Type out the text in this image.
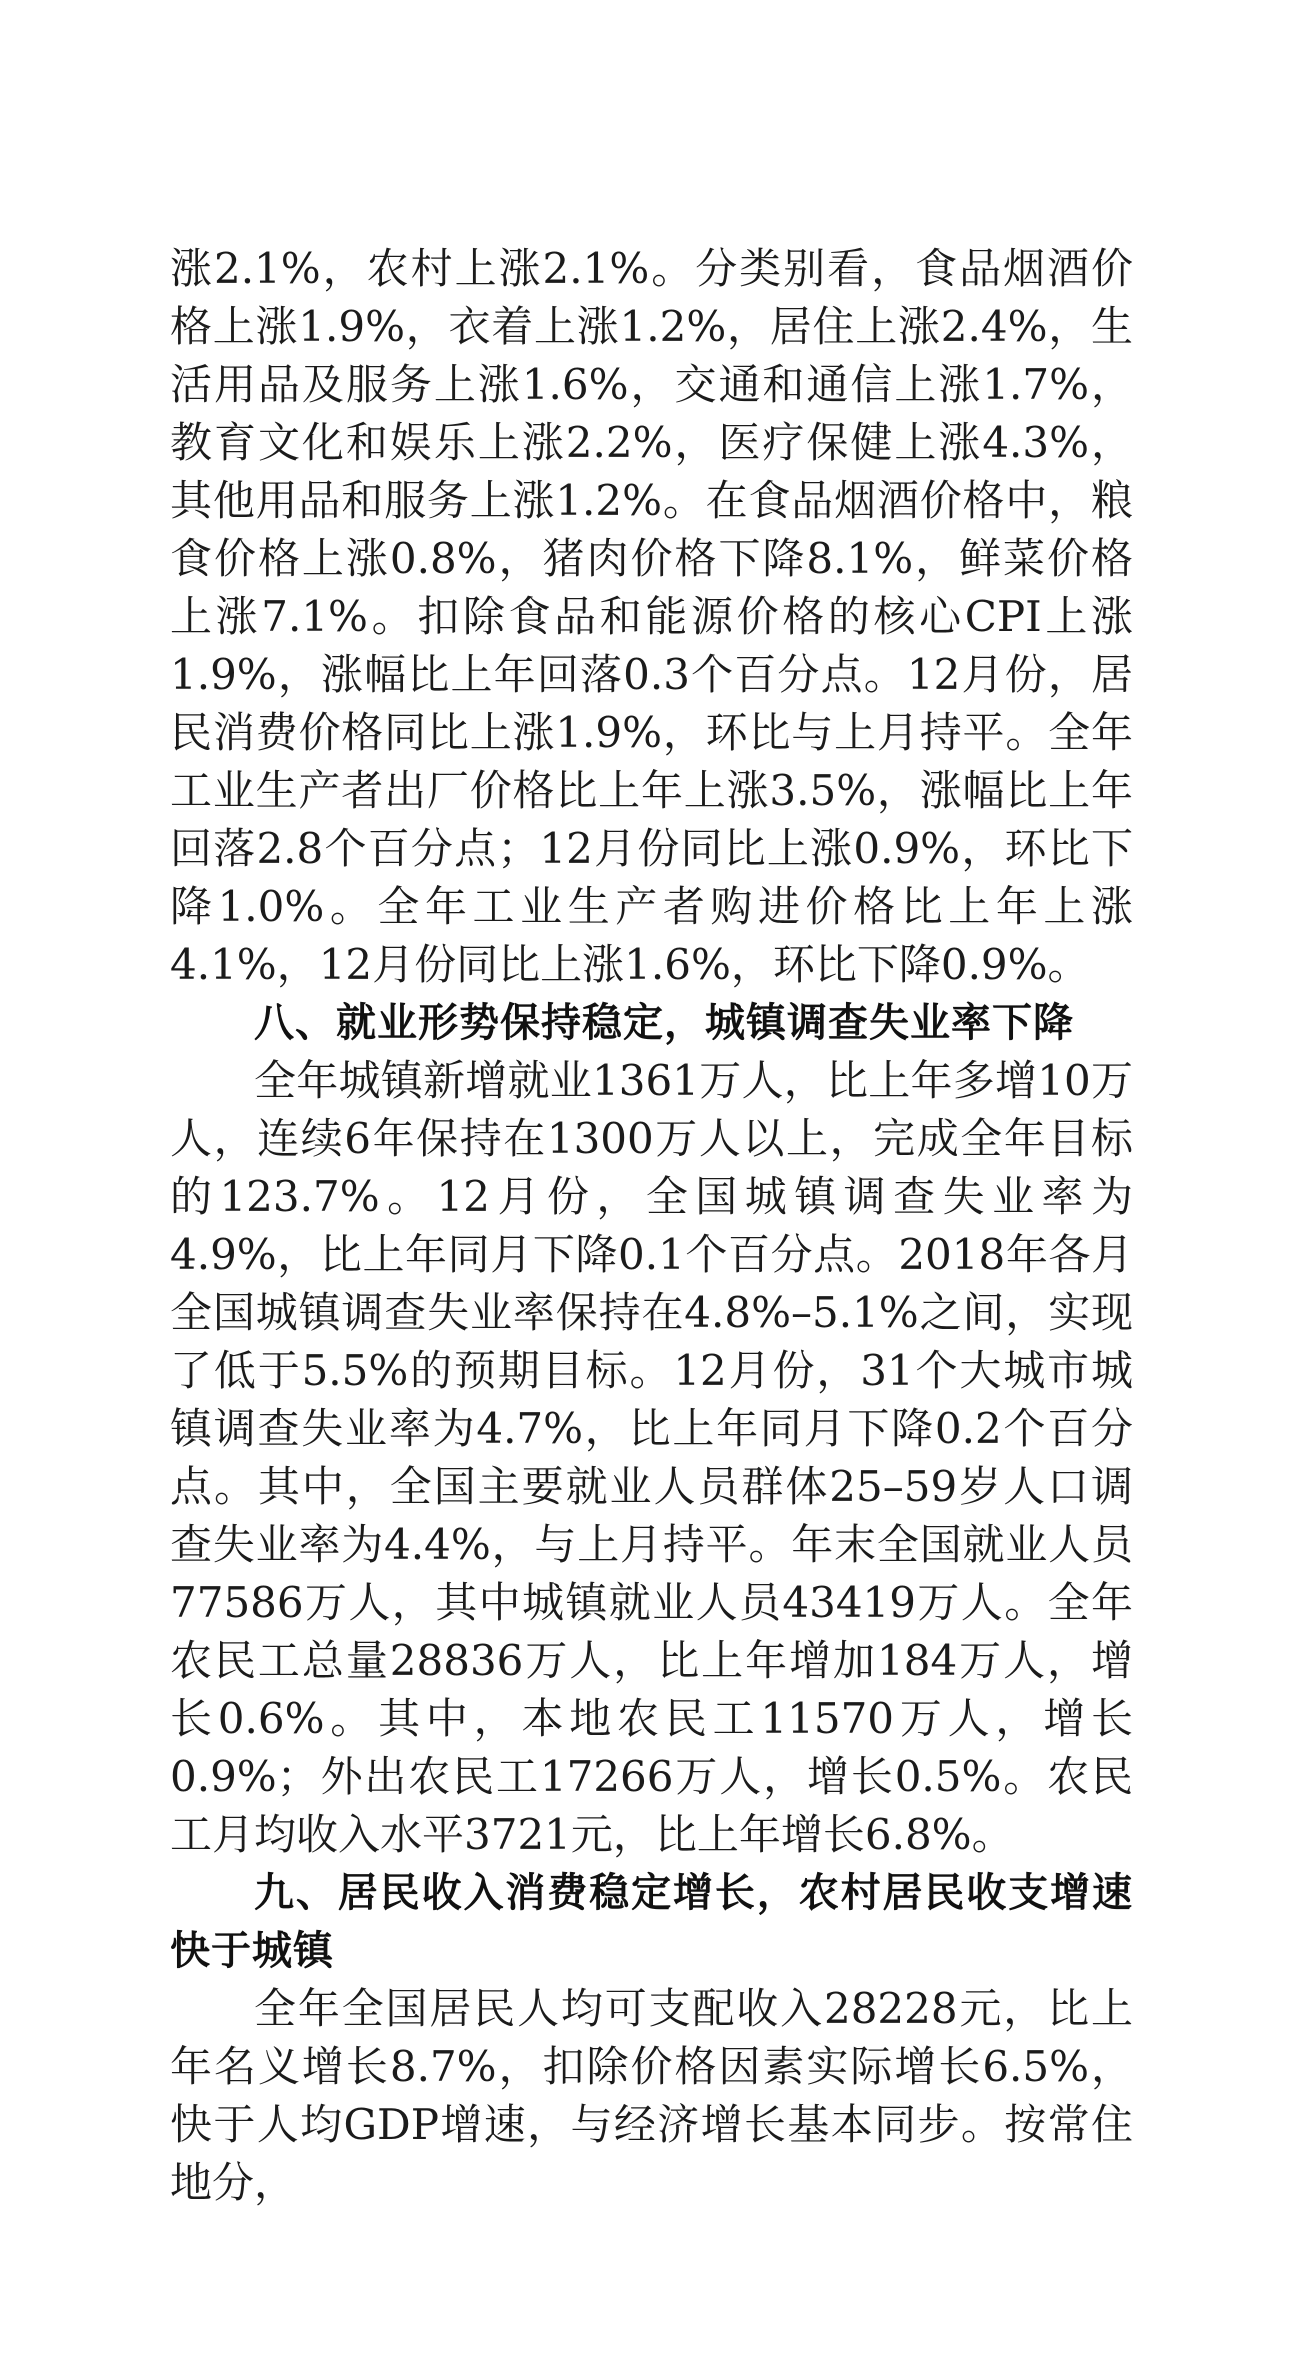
涨2.1%，农村上涨2.1%。分类别看，食品烟酒价格上涨1.9%，衣着上涨1.2%，居住上涨2.4%，生活用品及服务上涨1.6%，交通和通信上涨1.7%，教育文化和娱乐上涨2.2%，医疗保健上涨4.3%，其他用品和服务上涨1.2%。在食品烟酒价格中，粮食价格上涨0.8%，猪肉价格下降8.1%，鲜菜价格上涨7.1%。扣除食品和能源价格的核心CPI上涨1.9%，涨幅比上年回落0.3个百分点。12月份，居民消费价格同比上涨1.9%，环比与上月持平。全年工业生产者出厂价格比上年上涨3.5%，涨幅比上年回落2.8个百分点；12月份同比上涨0.9%，环比下降1.0%。全年工业生产者购进价格比上年上涨4.1%，12月份同比上涨1.6%，环比下降0.9%。

八、就业形势保持稳定，城镇调查失业率下降

全年城镇新增就业1361万人，比上年多增10万人，连续6年保持在1300万人以上，完成全年目标的123.7%。12月份，全国城镇调查失业率为4.9%，比上年同月下降0.1个百分点。2018年各月全国城镇调查失业率保持在4.8%–5.1%之间，实现了低于5.5%的预期目标。12月份，31个大城市城镇调查失业率为4.7%，比上年同月下降0.2个百分点。其中，全国主要就业人员群体25–59岁人口调查失业率为4.4%，与上月持平。年末全国就业人员77586万人，其中城镇就业人员43419万人。全年农民工总量28836万人，比上年增加184万人，增长0.6%。其中，本地农民工11570万人，增长0.9%；外出农民工17266万人，增长0.5%。农民工月均收入水平3721元，比上年增长6.8%。

九、居民收入消费稳定增长，农村居民收支增速快于城镇

全年全国居民人均可支配收入28228元，比上年名义增长8.7%，扣除价格因素实际增长6.5%，快于人均GDP增速，与经济增长基本同步。按常住地分，
